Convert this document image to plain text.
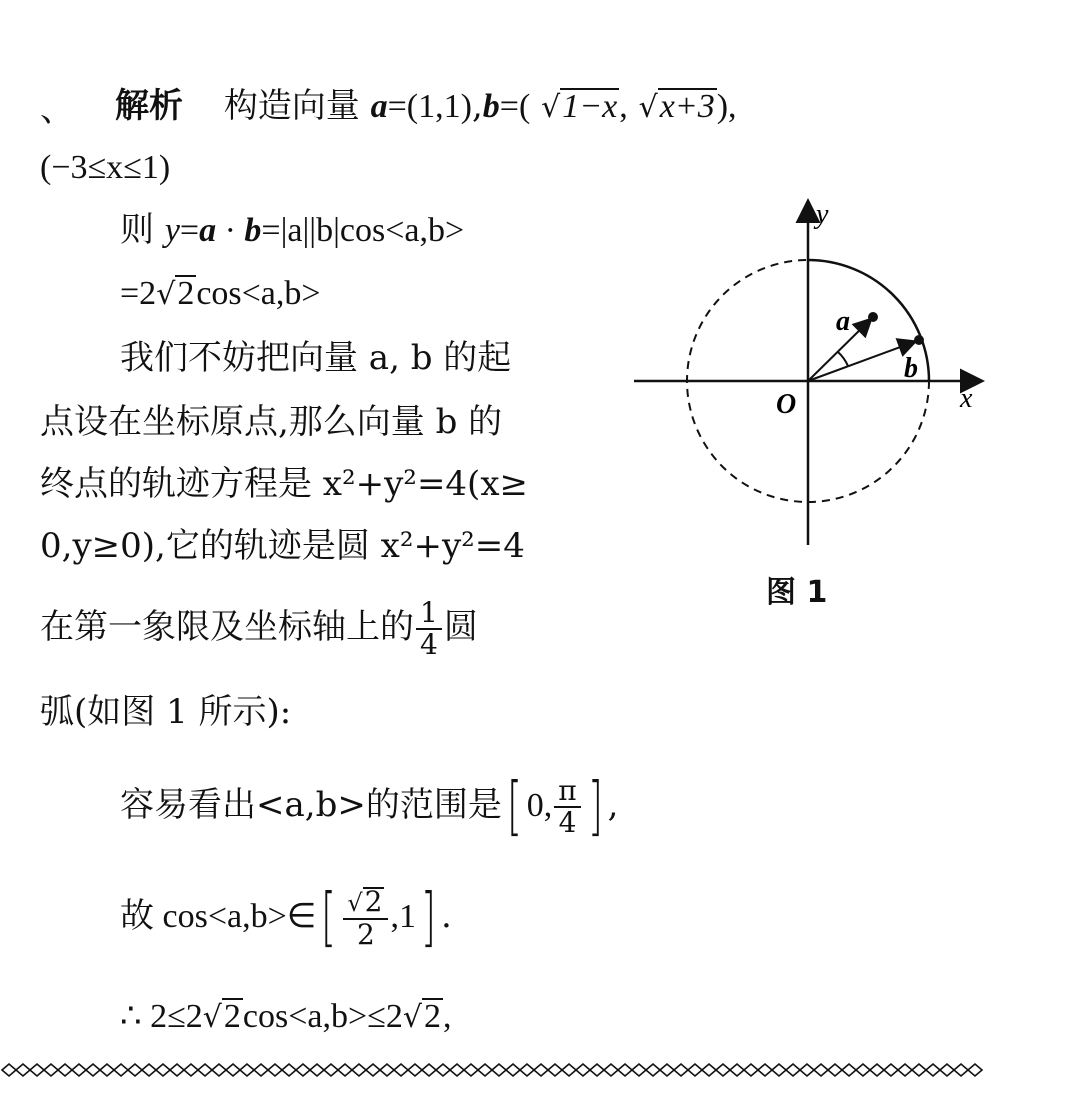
、 解析 构造向量 a=(1,1),b=( √1−x, √x+3),
(−3≤x≤1)
则 y=a · b=|a||b|cos<a,b>
=2√2cos<a,b>
我们不妨把向量 a, b 的起
点设在坐标原点,那么向量 b 的
终点的轨迹方程是 x²+y²=4(x≥
0,y≥0),它的轨迹是圆 x²+y²=4
在第一象限及坐标轴上的 $\frac{1}{4}$ 圆
弧(如图 1 所示):
容易看出<a,b>的范围是[ 0, $\frac{\pi}{4}$ ] ,
故 cos<a,b>∈[ $\frac{√2}{2} ,1$] .
∴ 2≤2√2cos<a,b>≤2√2,
y
x
O
a
b
图 1
